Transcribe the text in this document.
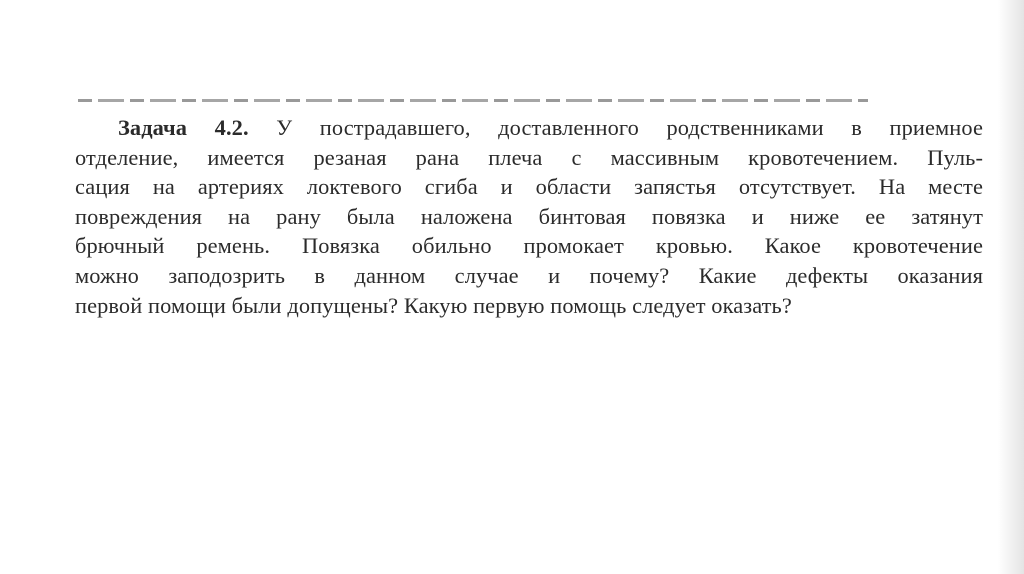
Задача 4.2. У пострадавшего, доставленного родственниками в приемное
отделение, имеется резаная рана плеча с массивным кровотечением. Пуль-
сация на артериях локтевого сгиба и области запястья отсутствует. На месте
повреждения на рану была наложена бинтовая повязка и ниже ее затянут
брючный ремень. Повязка обильно промокает кровью. Какое кровотечение
можно заподозрить в данном случае и почему? Какие дефекты оказания
первой помощи были допущены? Какую первую помощь следует оказать?
